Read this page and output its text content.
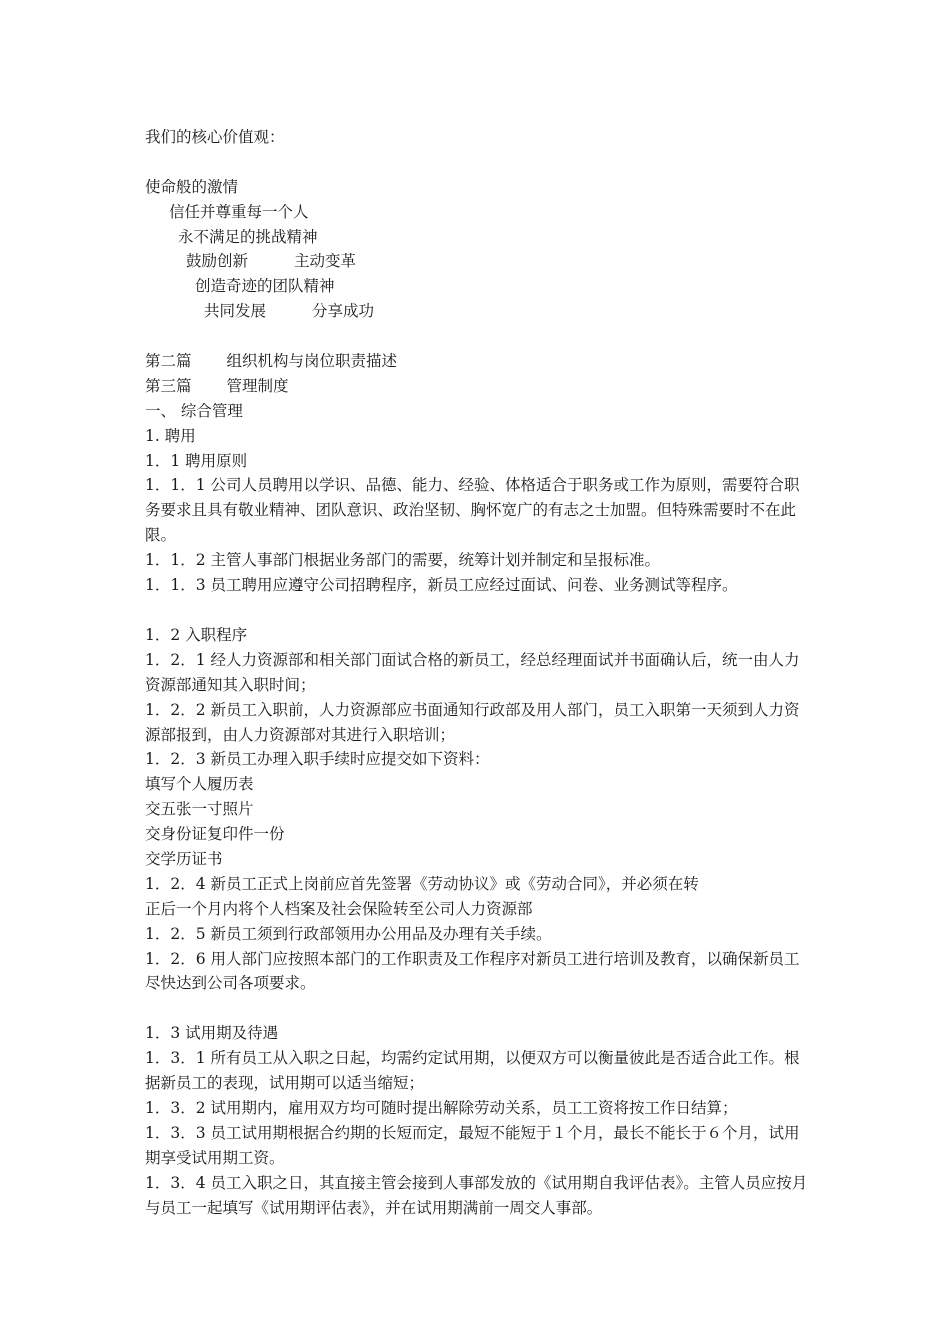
我们的核心价值观：
使命般的激情
信任并尊重每一个人
永不满足的挑战精神
鼓励创新	主动变革
创造奇迹的团队精神
共同发展	分享成功
第二篇 组织机构与岗位职责描述
第三篇 管理制度
一、 综合管理
1. 聘用
1．1 聘用原则
1．1．1 公司人员聘用以学识、品德、能力、经验、体格适合于职务或工作为原则，需要符合职务要求且具有敬业精神、团队意识、政治坚韧、胸怀宽广的有志之士加盟。但特殊需要时不在此限。
1．1．2 主管人事部门根据业务部门的需要，统筹计划并制定和呈报标准。
1．1．3 员工聘用应遵守公司招聘程序，新员工应经过面试、问卷、业务测试等程序。
1．2 入职程序
1．2．1 经人力资源部和相关部门面试合格的新员工，经总经理面试并书面确认后，统一由人力资源部通知其入职时间；
1．2．2 新员工入职前，人力资源部应书面通知行政部及用人部门，员工入职第一天须到人力资源部报到，由人力资源部对其进行入职培训；
1．2．3 新员工办理入职手续时应提交如下资料：
填写个人履历表
交五张一寸照片
交身份证复印件一份
交学历证书
1．2．4 新员工正式上岗前应首先签署《劳动协议》或《劳动合同》，并必须在转
正后一个月内将个人档案及社会保险转至公司人力资源部
1．2．5 新员工须到行政部领用办公用品及办理有关手续。
1．2．6 用人部门应按照本部门的工作职责及工作程序对新员工进行培训及教育，以确保新员工尽快达到公司各项要求。
1．3 试用期及待遇
1．3．1 所有员工从入职之日起，均需约定试用期，以便双方可以衡量彼此是否适合此工作。根据新员工的表现，试用期可以适当缩短；
1．3．2 试用期内，雇用双方均可随时提出解除劳动关系，员工工资将按工作日结算；
1．3．3 员工试用期根据合约期的长短而定，最短不能短于１个月，最长不能长于６个月，试用期享受试用期工资。
1．3．4 员工入职之日，其直接主管会接到人事部发放的《试用期自我评估表》。主管人员应按月与员工一起填写《试用期评估表》，并在试用期满前一周交人事部。
